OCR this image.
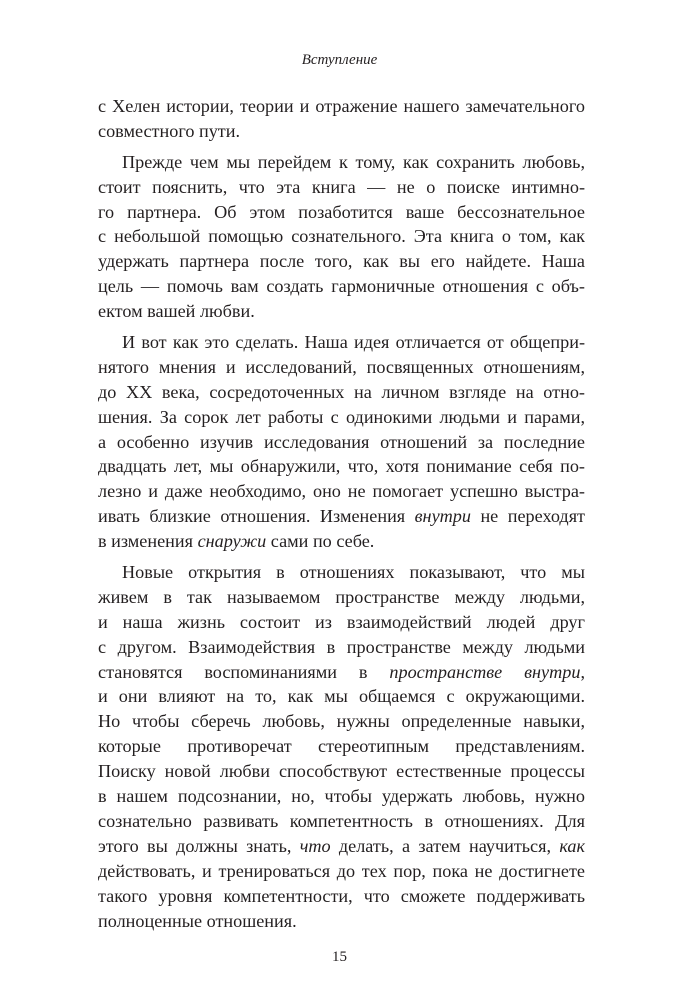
Вступление
с Хелен истории, теории и отражение нашего замечательного
совместного пути.
Прежде чем мы перейдем к тому, как сохранить любовь,
стоит пояснить, что эта книга — не о поиске интимно-
го партнера. Об этом позаботится ваше бессознательное
с небольшой помощью сознательного. Эта книга о том, как
удержать партнера после того, как вы его найдете. Наша
цель — помочь вам создать гармоничные отношения с объ-
ектом вашей любви.
И вот как это сделать. Наша идея отличается от общепри-
нятого мнения и исследований, посвященных отношениям,
до XX века, сосредоточенных на личном взгляде на отно-
шения. За сорок лет работы с одинокими людьми и парами,
а особенно изучив исследования отношений за последние
двадцать лет, мы обнаружили, что, хотя понимание себя по-
лезно и даже необходимо, оно не помогает успешно выстра-
ивать близкие отношения. Изменения внутри не переходят
в изменения снаружи сами по себе.
Новые открытия в отношениях показывают, что мы
живем в так называемом пространстве между людьми,
и наша жизнь состоит из взаимодействий людей друг
с другом. Взаимодействия в пространстве между людьми
становятся воспоминаниями в пространстве внутри,
и они влияют на то, как мы общаемся с окружающими.
Но чтобы сберечь любовь, нужны определенные навыки,
которые противоречат стереотипным представлениям.
Поиску новой любви способствуют естественные процессы
в нашем подсознании, но, чтобы удержать любовь, нужно
сознательно развивать компетентность в отношениях. Для
этого вы должны знать, что делать, а затем научиться, как
действовать, и тренироваться до тех пор, пока не достигнете
такого уровня компетентности, что сможете поддерживать
полноценные отношения.
15
